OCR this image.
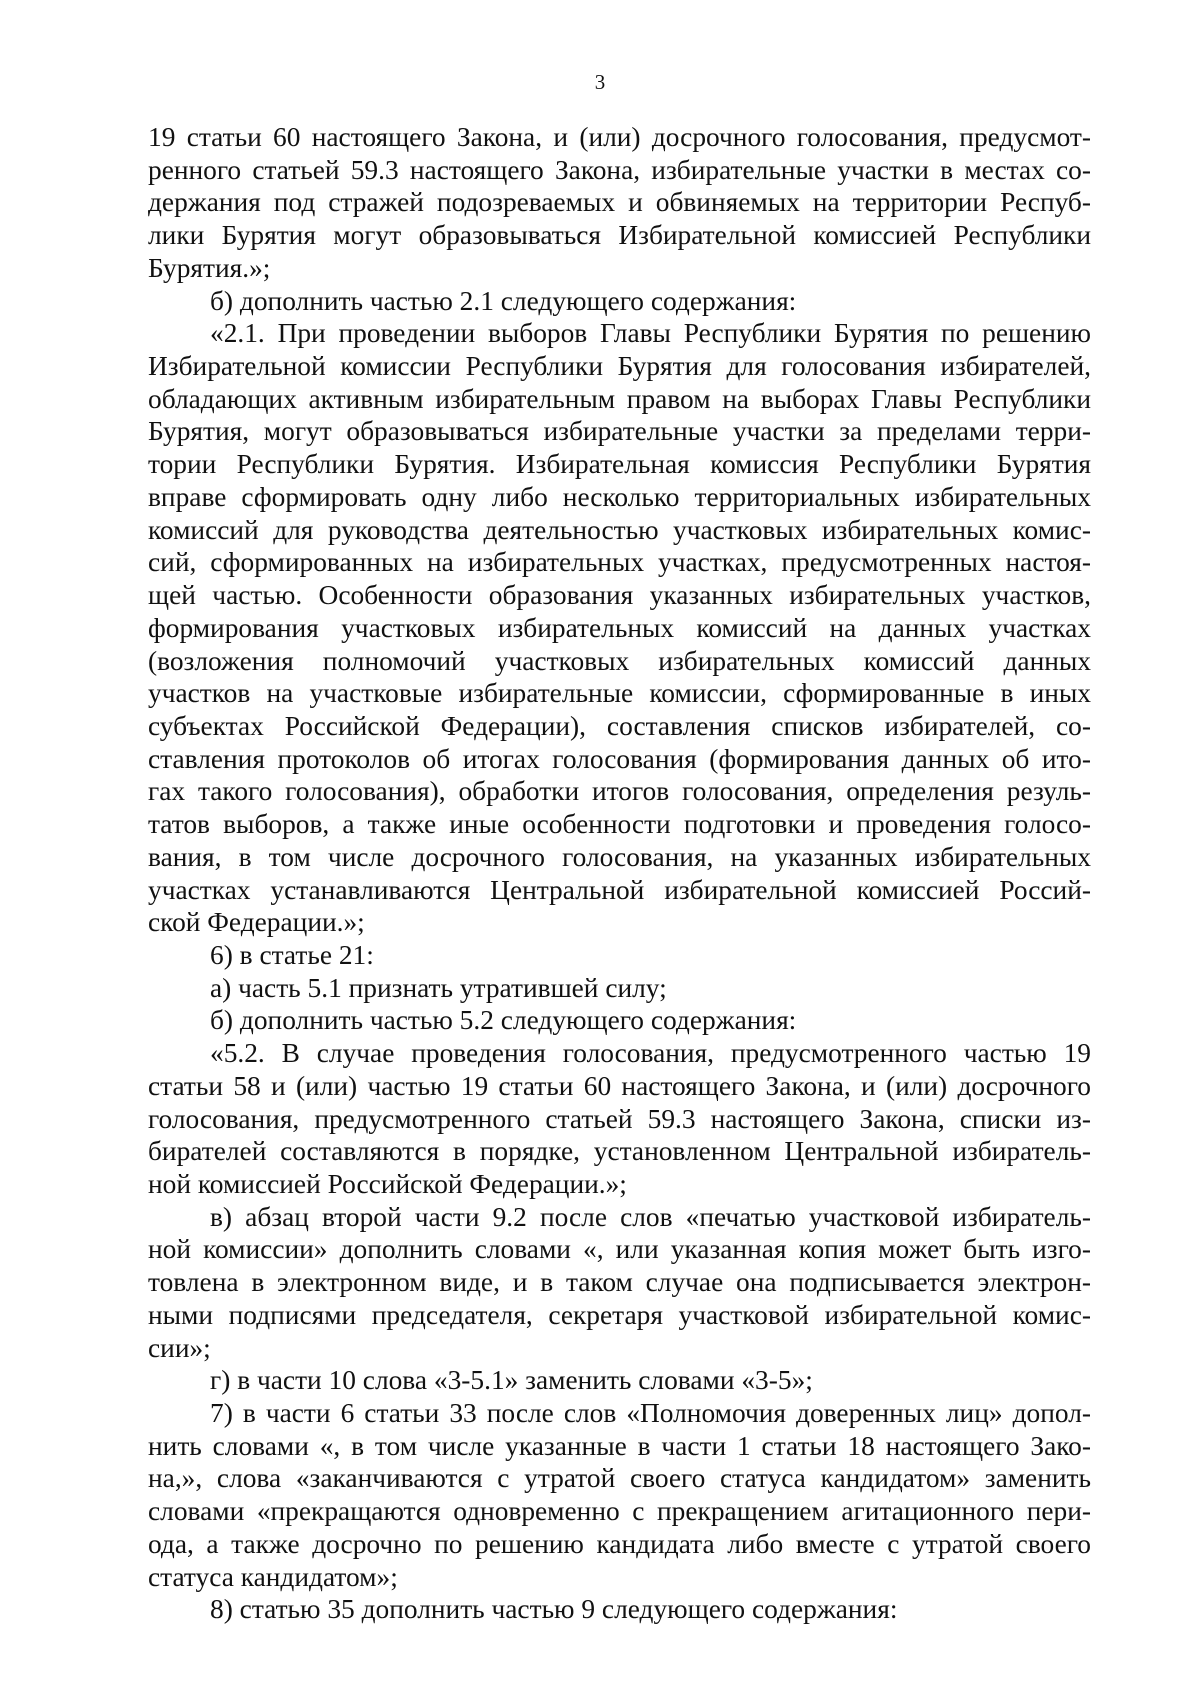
3
19 статьи 60 настоящего Закона, и (или) досрочного голосования, предусмот-
ренного статьей 59.3 настоящего Закона, избирательные участки в местах со-
держания под стражей подозреваемых и обвиняемых на территории Респуб-
лики Бурятия могут образовываться Избирательной комиссией Республики
Бурятия.»;
б) дополнить частью 2.1 следующего содержания:
«2.1. При проведении выборов Главы Республики Бурятия по решению
Избирательной комиссии Республики Бурятия для голосования избирателей,
обладающих активным избирательным правом на выборах Главы Республики
Бурятия, могут образовываться избирательные участки за пределами терри-
тории Республики Бурятия. Избирательная комиссия Республики Бурятия
вправе сформировать одну либо несколько территориальных избирательных
комиссий для руководства деятельностью участковых избирательных комис-
сий, сформированных на избирательных участках, предусмотренных настоя-
щей частью. Особенности образования указанных избирательных участков,
формирования участковых избирательных комиссий на данных участках
(возложения полномочий участковых избирательных комиссий данных
участков на участковые избирательные комиссии, сформированные в иных
субъектах Российской Федерации), составления списков избирателей, со-
ставления протоколов об итогах голосования (формирования данных об ито-
гах такого голосования), обработки итогов голосования, определения резуль-
татов выборов, а также иные особенности подготовки и проведения голосо-
вания, в том числе досрочного голосования, на указанных избирательных
участках устанавливаются Центральной избирательной комиссией Россий-
ской Федерации.»;
6) в статье 21:
а) часть 5.1 признать утратившей силу;
б) дополнить частью 5.2 следующего содержания:
«5.2. В случае проведения голосования, предусмотренного частью 19
статьи 58 и (или) частью 19 статьи 60 настоящего Закона, и (или) досрочного
голосования, предусмотренного статьей 59.3 настоящего Закона, списки из-
бирателей составляются в порядке, установленном Центральной избиратель-
ной комиссией Российской Федерации.»;
в) абзац второй части 9.2 после слов «печатью участковой избиратель-
ной комиссии» дополнить словами «, или указанная копия может быть изго-
товлена в электронном виде, и в таком случае она подписывается электрон-
ными подписями председателя, секретаря участковой избирательной комис-
сии»;
г) в части 10 слова «3-5.1» заменить словами «3-5»;
7) в части 6 статьи 33 после слов «Полномочия доверенных лиц» допол-
нить словами «, в том числе указанные в части 1 статьи 18 настоящего Зако-
на,», слова «заканчиваются с утратой своего статуса кандидатом» заменить
словами «прекращаются одновременно с прекращением агитационного пери-
ода, а также досрочно по решению кандидата либо вместе с утратой своего
статуса кандидатом»;
8) статью 35 дополнить частью 9 следующего содержания:
